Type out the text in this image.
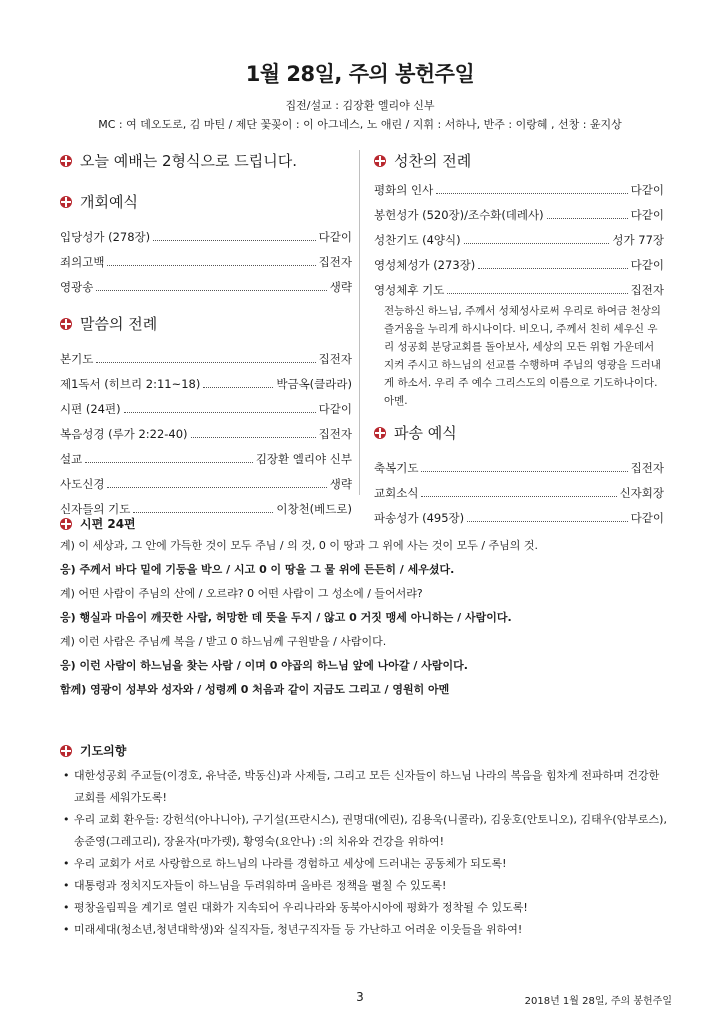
1월 28일, 주의 봉헌주일
집전/설교 : 김장환 엘리야 신부
MC : 여 데오도로, 김 마틴 / 제단 꽃꽂이 : 이 아그네스, 노 애린 / 지휘 : 서하나, 반주 : 이랑혜 , 선창 : 윤지상
오늘 예배는 2형식으로 드립니다.
개회예식
입당성가 (278장)	다같이
죄의고백	집전자
영광송	생략
말씀의 전례
본기도	집전자
제1독서 (히브리 2:11~18)	박금옥(클라라)
시편 (24편)	다같이
복음성경 (루가 2:22-40)	집전자
설교	김장환 엘리야 신부
사도신경	생략
신자들의 기도	이창천(베드로)
성찬의 전례
평화의 인사	다같이
봉헌성가 (520장)/조수화(데레사)	다같이
성찬기도 (4양식)	성가 77장
영성체성가 (273장)	다같이
영성체후 기도	집전자
전능하신 하느님, 주께서 성체성사로써 우리로 하여금 천상의 즐거움을 누리게 하시나이다. 비오니, 주께서 친히 세우신 우리 성공회 분당교회를 돌아보사, 세상의 모든 위험 가운데서 지켜 주시고 하느님의 선교를 수행하며 주님의 영광을 드러내게 하소서. 우리 주 예수 그리스도의 이름으로 기도하나이다. 아멘.
파송 예식
축복기도	집전자
교회소식	신자회장
파송성가 (495장)	다같이
시편 24편
계) 이 세상과, 그 안에 가득한 것이 모두 주님 / 의 것, 0 이 땅과 그 위에 사는 것이 모두 / 주님의 것.
응) 주께서 바다 밑에 기둥을 박으 / 시고 0 이 땅을 그 물 위에 든든히 / 세우셨다.
계) 어떤 사람이 주님의 산에 / 오르랴? 0 어떤 사람이 그 성소에 / 들어서랴?
응) 행실과 마음이 깨끗한 사람, 허망한 데 뜻을 두지 / 않고 0 거짓 맹세 아니하는 / 사람이다.
계) 이런 사람은 주님께 복을 / 받고 0 하느님께 구원받을 / 사람이다.
응) 이런 사람이 하느님을 찾는 사람 / 이며 0 야곱의 하느님 앞에 나아갈 / 사람이다.
함께) 영광이 성부와 성자와 / 성령께 0 처음과 같이 지금도 그리고 / 영원히 아멘
기도의향
• 대한성공회 주교들(이경호, 유낙준, 박동신)과 사제들, 그리고 모든 신자들이 하느님 나라의 복음을 힘차게 전파하며 건강한 교회를 세워가도록!
• 우리 교회 환우들: 강헌석(아나니아), 구기설(프란시스), 권명대(에린), 김용욱(니콜라), 김웅호(안토니오), 김태우(암부로스), 송준영(그레고리), 장윤자(마가렛), 황영숙(요안나) :의 치유와 건강을 위하여!
• 우리 교회가 서로 사랑함으로 하느님의 나라를 경험하고 세상에 드러내는 공동체가 되도록!
• 대통령과 정치지도자들이 하느님을 두려워하며 올바른 정책을 펼칠 수 있도록!
• 평창올림픽을 계기로 열린 대화가 지속되어 우리나라와 동북아시아에 평화가 정착될 수 있도록!
• 미래세대(청소년,청년대학생)와 실직자들, 청년구직자들 등 가난하고 어려운 이웃들을 위하여!
3	2018년 1월 28일, 주의 봉헌주일
